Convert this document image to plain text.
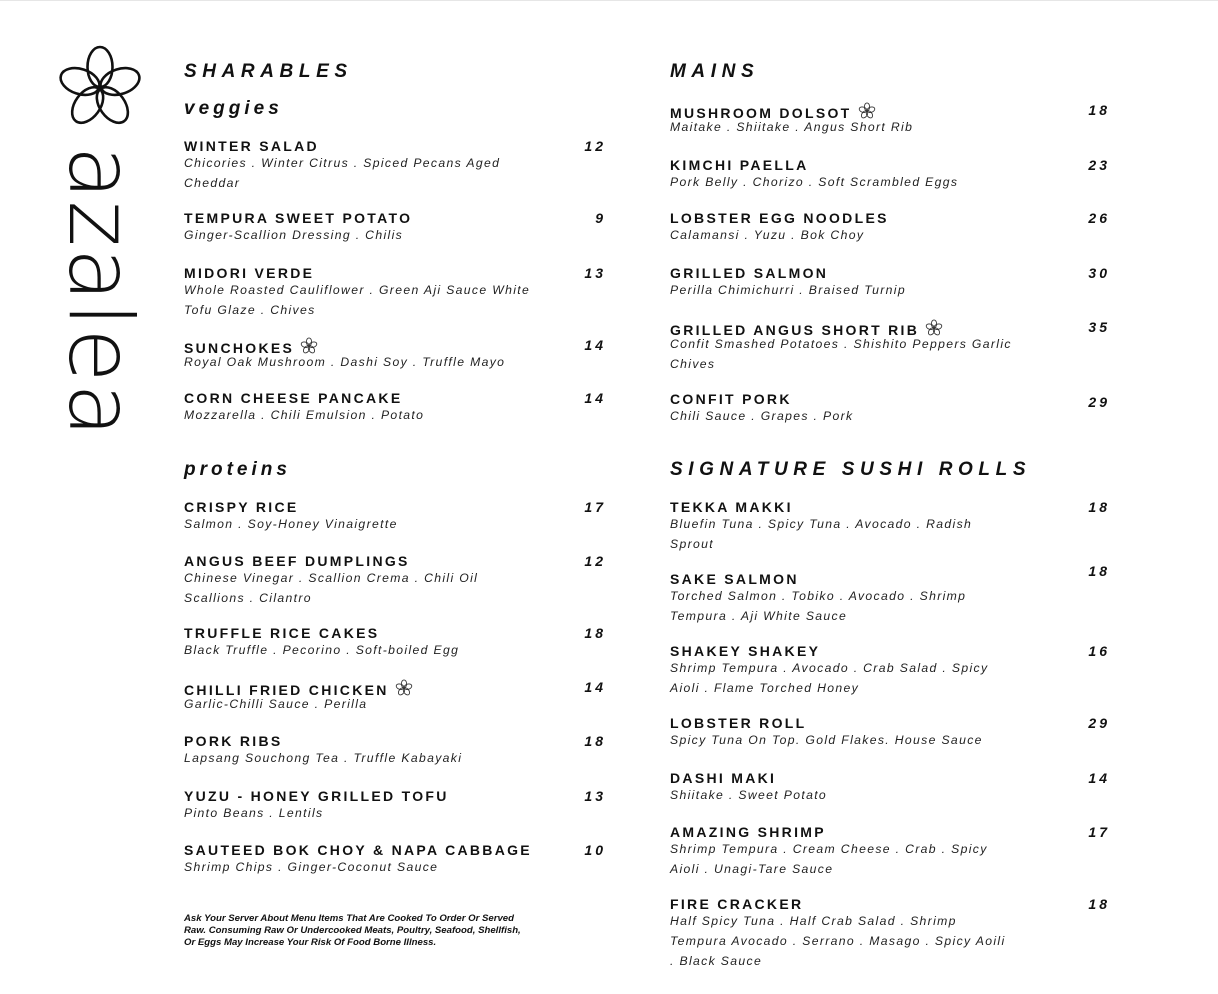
azalea
SHARABLES
veggies
WINTER SALAD	12
Chicories . Winter Citrus . Spiced Pecans Aged Cheddar
TEMPURA SWEET POTATO	9
Ginger-Scallion Dressing . Chilis
MIDORI VERDE	13
Whole Roasted Cauliflower . Green Aji Sauce White Tofu Glaze . Chives
SUNCHOKES	14
Royal Oak Mushroom . Dashi Soy . Truffle Mayo
CORN CHEESE PANCAKE	14
Mozzarella . Chili Emulsion . Potato
proteins
CRISPY RICE	17
Salmon . Soy-Honey Vinaigrette
ANGUS BEEF DUMPLINGS	12
Chinese Vinegar . Scallion Crema . Chili Oil Scallions . Cilantro
TRUFFLE RICE CAKES	18
Black Truffle . Pecorino . Soft-boiled Egg
CHILLI FRIED CHICKEN	14
Garlic-Chilli Sauce . Perilla
PORK RIBS	18
Lapsang Souchong Tea . Truffle Kabayaki
YUZU - HONEY GRILLED TOFU	13
Pinto Beans . Lentils
SAUTEED BOK CHOY & NAPA CABBAGE	10
Shrimp Chips . Ginger-Coconut Sauce
Ask Your Server About Menu Items That Are Cooked To Order Or Served
Raw. Consuming Raw Or Undercooked Meats, Poultry, Seafood, Shellfish,
Or Eggs May Increase Your Risk Of Food Borne Illness.
MAINS
MUSHROOM DOLSOT	18
Maitake . Shiitake . Angus Short Rib
KIMCHI PAELLA	23
Pork Belly . Chorizo . Soft Scrambled Eggs
LOBSTER EGG NOODLES	26
Calamansi . Yuzu . Bok Choy
GRILLED SALMON	30
Perilla Chimichurri . Braised Turnip
GRILLED ANGUS SHORT RIB	35
Confit Smashed Potatoes . Shishito Peppers Garlic Chives
CONFIT PORK	29
Chili Sauce . Grapes . Pork
SIGNATURE SUSHI ROLLS
TEKKA MAKKI	18
Bluefin Tuna . Spicy Tuna . Avocado . Radish Sprout
SAKE SALMON	18
Torched Salmon . Tobiko . Avocado . Shrimp Tempura . Aji White Sauce
SHAKEY SHAKEY	16
Shrimp Tempura . Avocado . Crab Salad . Spicy Aioli . Flame Torched Honey
LOBSTER ROLL	29
Spicy Tuna On Top. Gold Flakes. House Sauce
DASHI MAKI	14
Shiitake . Sweet Potato
AMAZING SHRIMP	17
Shrimp Tempura . Cream Cheese . Crab . Spicy Aioli . Unagi-Tare Sauce
FIRE CRACKER	18
Half Spicy Tuna . Half Crab Salad . Shrimp Tempura Avocado . Serrano . Masago . Spicy Aoili . Black Sauce
